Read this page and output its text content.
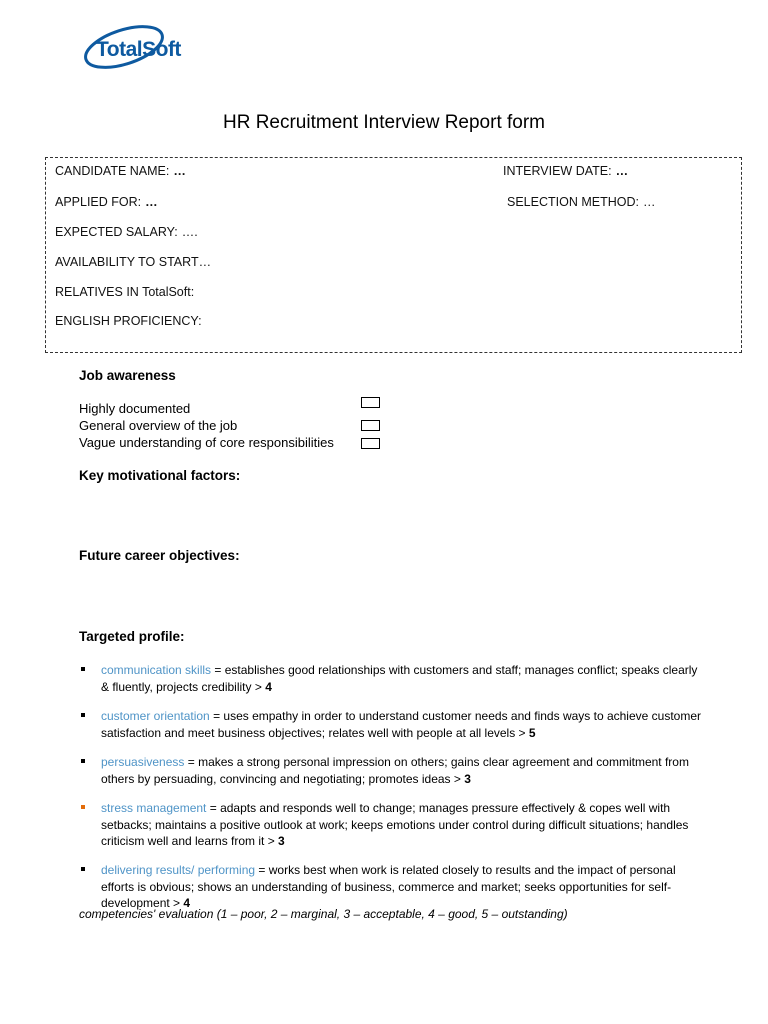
TotalSoft
HR Recruitment Interview Report form
CANDIDATE NAME: …	INTERVIEW DATE: …
APPLIED FOR: …	SELECTION METHOD: …
EXPECTED SALARY: ….
AVAILABILITY TO START…
RELATIVES IN TotalSoft:
ENGLISH PROFICIENCY:
Job awareness
Highly documented
General overview of the job
Vague understanding of core responsibilities
Key motivational factors:
Future career objectives:
Targeted profile:
communication skills = establishes good relationships with customers and staff; manages conflict; speaks clearly & fluently, projects credibility > 4
customer orientation = uses empathy in order to understand customer needs and finds ways to achieve customer satisfaction and meet business objectives; relates well with people at all levels > 5
persuasiveness = makes a strong personal impression on others; gains clear agreement and commitment from others by persuading, convincing and negotiating; promotes ideas > 3
stress management = adapts and responds well to change; manages pressure effectively & copes well with setbacks; maintains a positive outlook at work; keeps emotions under control during difficult situations; handles criticism well and learns from it > 3
delivering results/ performing = works best when work is related closely to results and the impact of personal efforts is obvious; shows an understanding of business, commerce and market; seeks opportunities for self-development > 4
competencies' evaluation (1 – poor, 2 – marginal, 3 – acceptable, 4 – good, 5 – outstanding)
